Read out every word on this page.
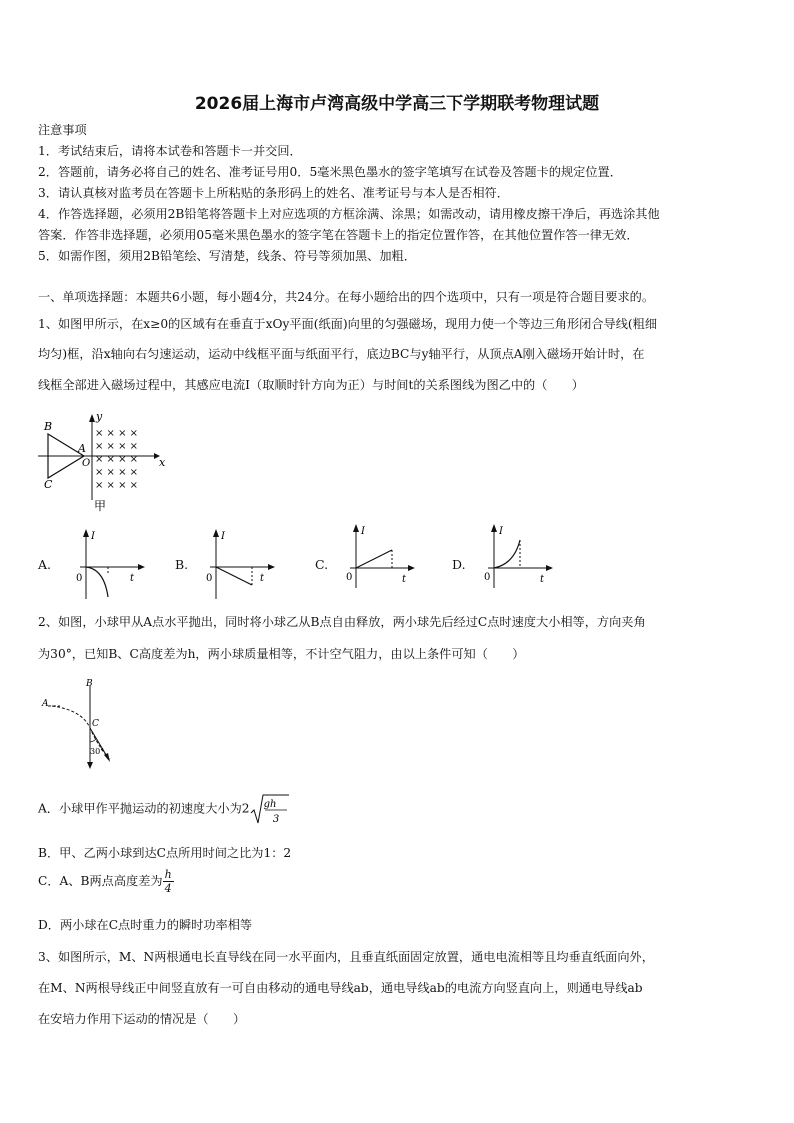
2026届上海市卢湾高级中学高三下学期联考物理试题
注意事项
1．考试结束后，请将本试卷和答题卡一并交回．
2．答题前，请务必将自己的姓名、准考证号用0．5毫米黑色墨水的签字笔填写在试卷及答题卡的规定位置．
3．请认真核对监考员在答题卡上所粘贴的条形码上的姓名、准考证号与本人是否相符．
4．作答选择题，必须用2B铅笔将答题卡上对应选项的方框涂满、涂黑；如需改动，请用橡皮擦干净后，再选涂其他
答案．作答非选择题，必须用05毫米黑色墨水的签字笔在答题卡上的指定位置作答，在其他位置作答一律无效．
5．如需作图，须用2B铅笔绘、写清楚，线条、符号等须加黑、加粗．
一、单项选择题：本题共6小题，每小题4分，共24分。在每小题给出的四个选项中，只有一项是符合题目要求的。
1、如图甲所示，在x≥0的区域有在垂直于xOy平面(纸面)向里的匀强磁场，现用力使一个等边三角形闭合导线(粗细
均匀)框，沿x轴向右匀速运动，运动中线框平面与纸面平行，底边BC与y轴平行，从顶点A刚入磁场开始计时，在
线框全部进入磁场过程中，其感应电流I（取顺时针方向为正）与时间t的关系图线为图乙中的（　　）
× × × ×
× × × ×
× × × ×
× × × ×
× × × ×
B
A
C
O	x
y
甲
A.
I
0	t
B.
I
0	t
C.
I
0	t
D.
I
0	t
2、如图，小球甲从A点水平抛出，同时将小球乙从B点自由释放，两小球先后经过C点时速度大小相等，方向夹角
为30°，已知B、C高度差为h，两小球质量相等，不计空气阻力，由以上条件可知（　　）
A
B
C
30°
A．小球甲作平抛运动的初速度大小为2 gh
3
B．甲、乙两小球到达C点所用时间之比为1：2
C．A、B两点高度差为 $\frac{h}{4}$
D．两小球在C点时重力的瞬时功率相等
3、如图所示，M、N两根通电长直导线在同一水平面内，且垂直纸面固定放置，通电电流相等且均垂直纸面向外，
在M、N两根导线正中间竖直放有一可自由移动的通电导线ab，通电导线ab的电流方向竖直向上，则通电导线ab
在安培力作用下运动的情况是（　　）
